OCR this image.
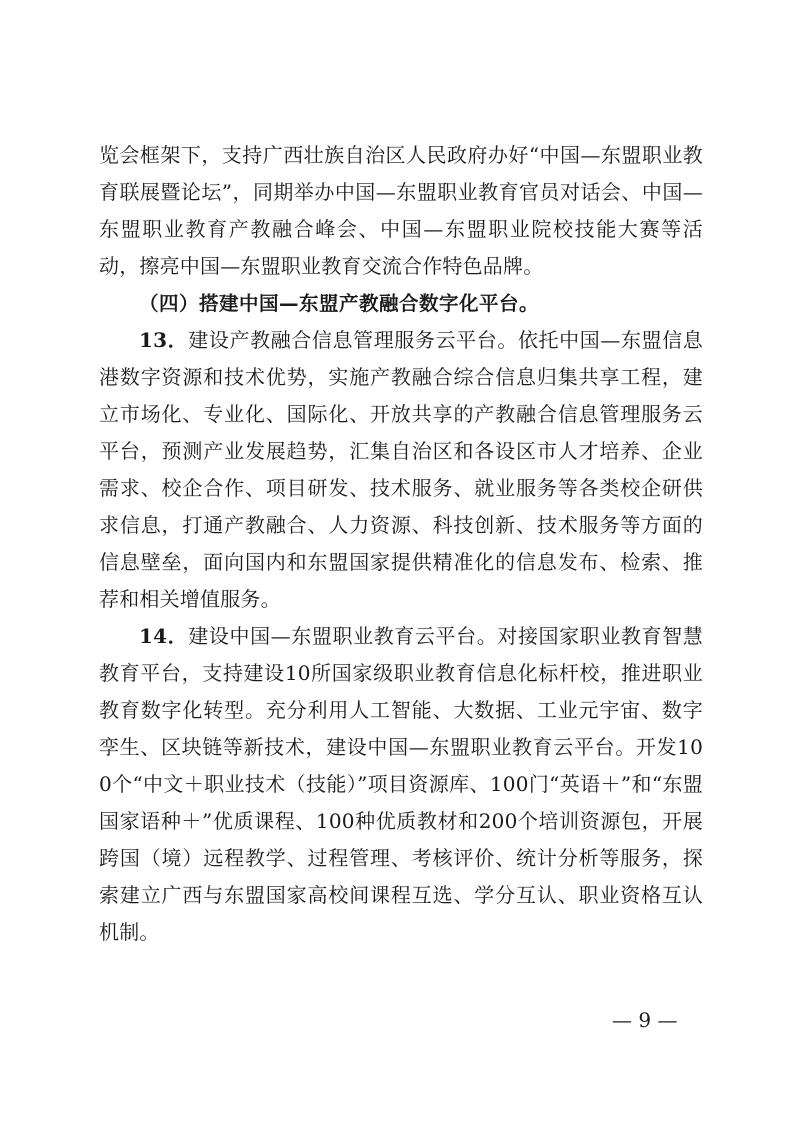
览会框架下，支持广西壮族自治区人民政府办好“中国—东盟职业教育联展暨论坛”，同期举办中国—东盟职业教育官员对话会、中国—东盟职业教育产教融合峰会、中国—东盟职业院校技能大赛等活动，擦亮中国—东盟职业教育交流合作特色品牌。

（四）搭建中国—东盟产教融合数字化平台。

13．建设产教融合信息管理服务云平台。依托中国—东盟信息港数字资源和技术优势，实施产教融合综合信息归集共享工程，建立市场化、专业化、国际化、开放共享的产教融合信息管理服务云平台，预测产业发展趋势，汇集自治区和各设区市人才培养、企业需求、校企合作、项目研发、技术服务、就业服务等各类校企研供求信息，打通产教融合、人力资源、科技创新、技术服务等方面的信息壁垒，面向国内和东盟国家提供精准化的信息发布、检索、推荐和相关增值服务。

14．建设中国—东盟职业教育云平台。对接国家职业教育智慧教育平台，支持建设10所国家级职业教育信息化标杆校，推进职业教育数字化转型。充分利用人工智能、大数据、工业元宇宙、数字孪生、区块链等新技术，建设中国—东盟职业教育云平台。开发100个“中文＋职业技术（技能）”项目资源库、100门“英语＋”和“东盟国家语种＋”优质课程、100种优质教材和200个培训资源包，开展跨国（境）远程教学、过程管理、考核评价、统计分析等服务，探索建立广西与东盟国家高校间课程互选、学分互认、职业资格互认机制。

— 9 —
